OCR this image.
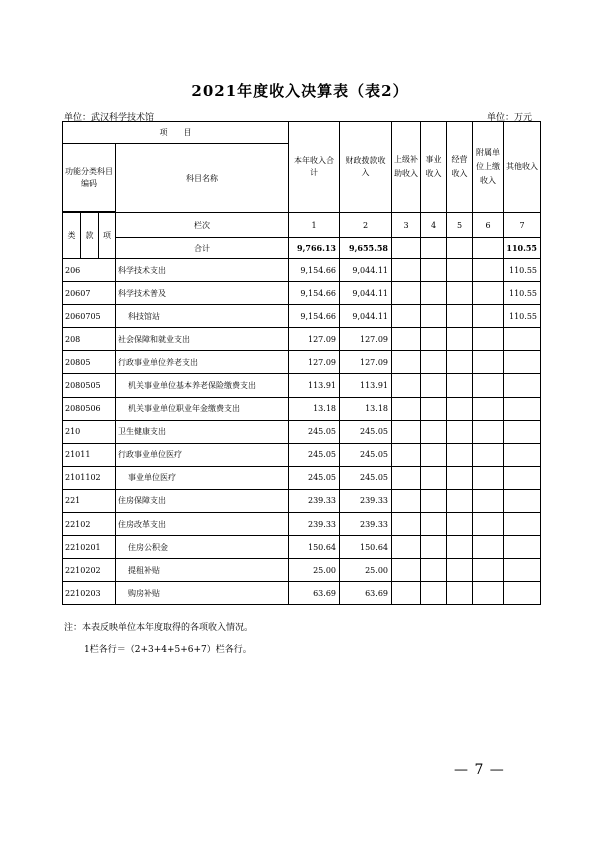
2021年度收入决算表（表2）
单位：武汉科学技术馆	单位：万元
项　　目				本年收入合计	财政拨款收入	上级补助收入	事业收入	经营收入	附属单位上缴收入	其他收入
功能分类科目编码			科目名称							

类	款	项	栏次	1	2	3	4	5	6	7
			合计	9,766.13	9,655.58					110.55
206			科学技术支出	9,154.66	9,044.11					110.55
20607			科学技术普及	9,154.66	9,044.11					110.55
2060705			科技馆站	9,154.66	9,044.11					110.55
208			社会保障和就业支出	127.09	127.09					
20805			行政事业单位养老支出	127.09	127.09					
2080505			机关事业单位基本养老保险缴费支出	113.91	113.91					
2080506			机关事业单位职业年金缴费支出	13.18	13.18					
210			卫生健康支出	245.05	245.05					
21011			行政事业单位医疗	245.05	245.05					
2101102			事业单位医疗	245.05	245.05					
221			住房保障支出	239.33	239.33					
22102			住房改革支出	239.33	239.33					
2210201			住房公积金	150.64	150.64					
2210202			提租补贴	25.00	25.00					
2210203			购房补贴	63.69	63.69					
注：本表反映单位本年度取得的各项收入情况。
1栏各行＝（2+3+4+5+6+7）栏各行。
— 7 —
